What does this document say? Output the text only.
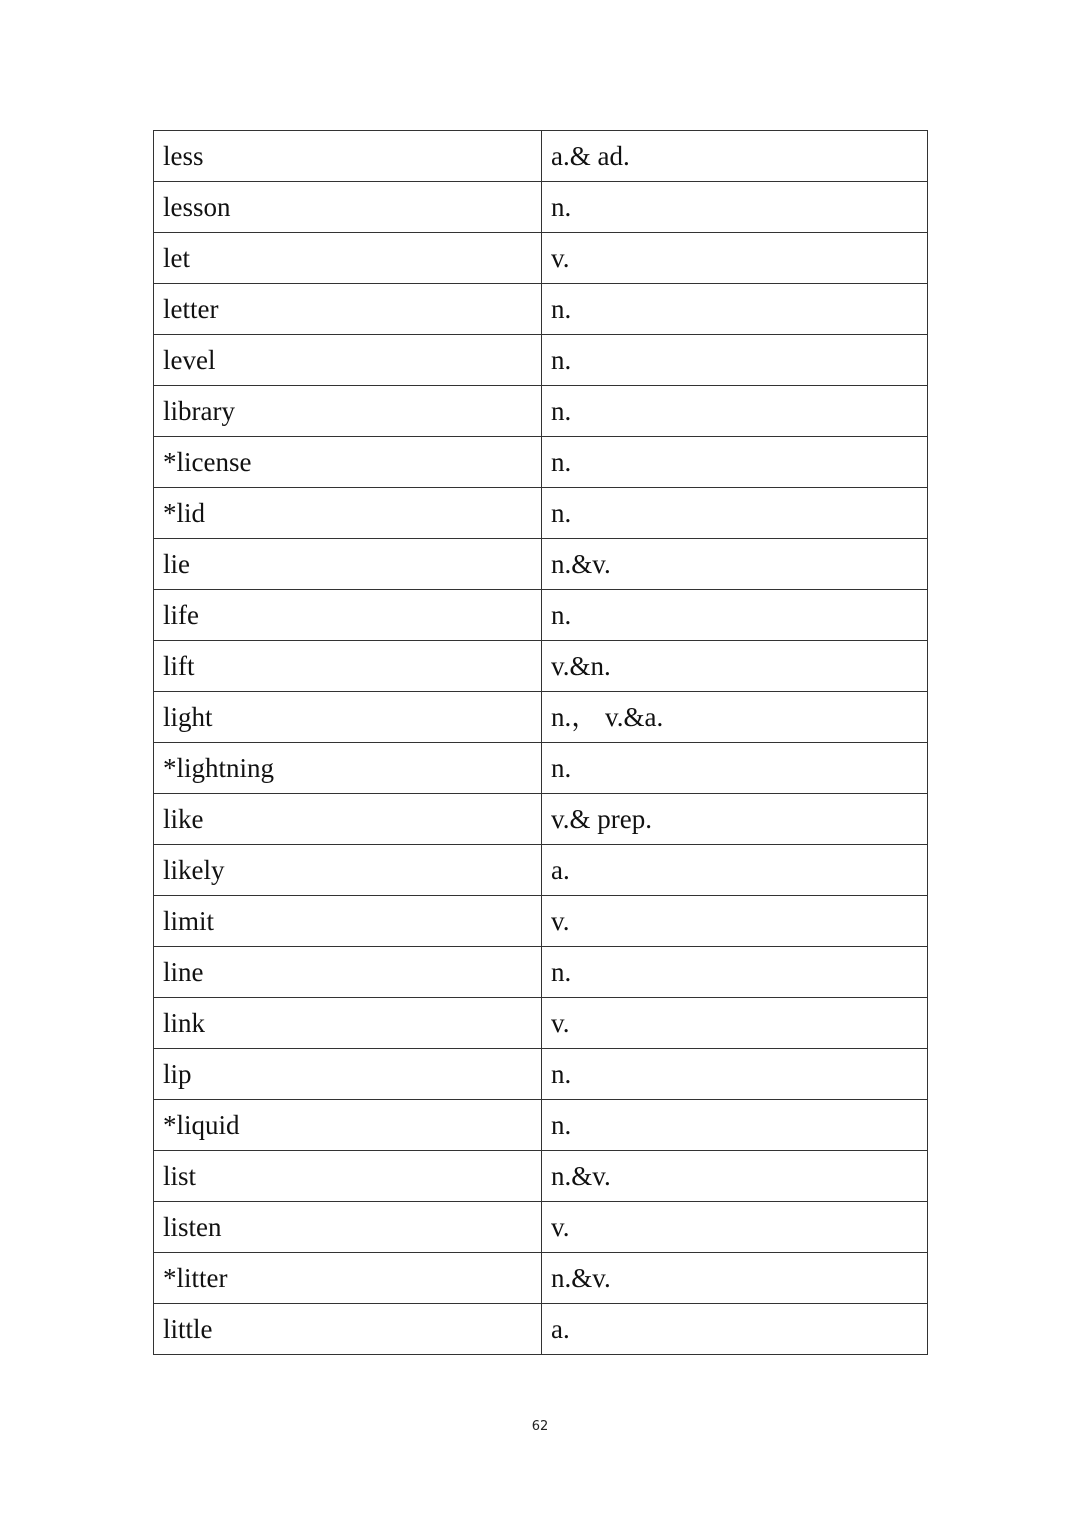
less	a.& ad.
lesson	n.
let	v.
letter	n.
level	n.
library	n.
*license	n.
*lid	n.
lie	n.&v.
life	n.
lift	v.&n.
light	n.， v.&a.
*lightning	n.
like	v.& prep.
likely	a.
limit	v.
line	n.
link	v.
lip	n.
*liquid	n.
list	n.&v.
listen	v.
*litter	n.&v.
little	a.
62
